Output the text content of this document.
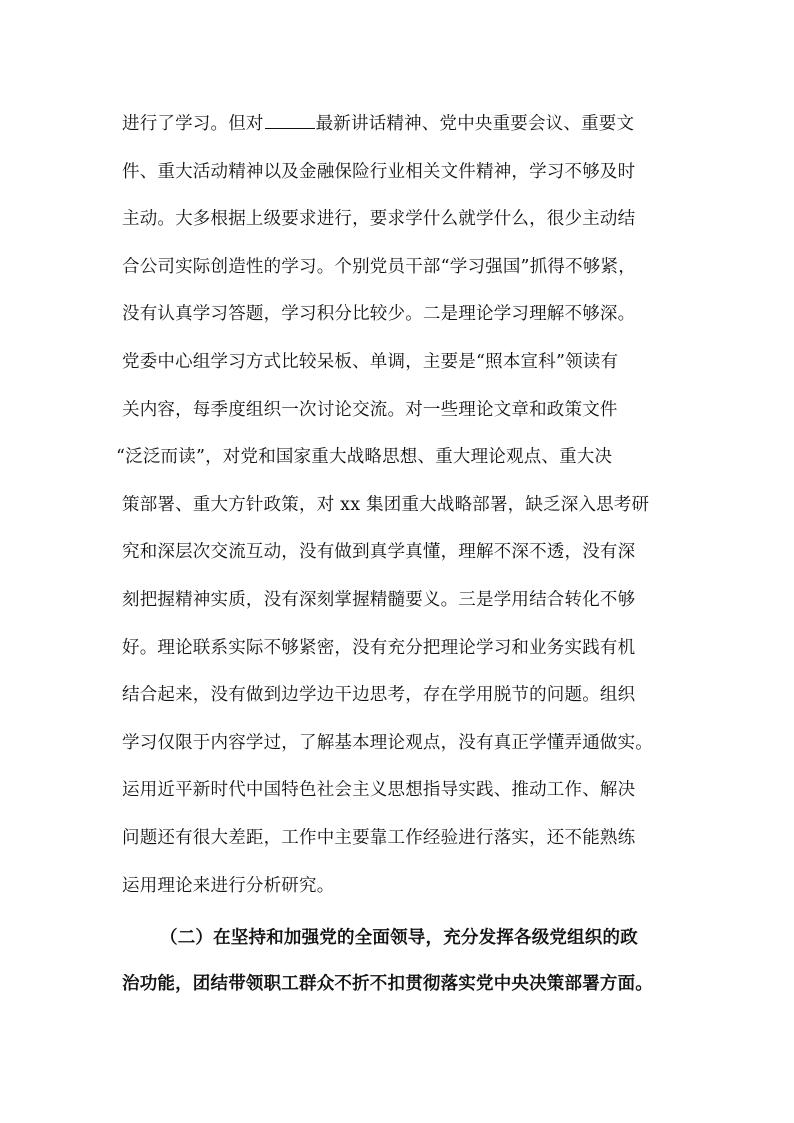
进行了学习。但对	最新讲话精神、党中央重要会议、重要文
件、重大活动精神以及金融保险行业相关文件精神，学习不够及时
主动。大多根据上级要求进行，要求学什么就学什么，很少主动结
合公司实际创造性的学习。个别党员干部“学习强国”抓得不够紧，
没有认真学习答题，学习积分比较少。二是理论学习理解不够深。
党委中心组学习方式比较呆板、单调，主要是“照本宣科”领读有
关内容，每季度组织一次讨论交流。对一些理论文章和政策文件
“泛泛而读”，对党和国家重大战略思想、重大理论观点、重大决
策部署、重大方针政策，对 xx 集团重大战略部署，缺乏深入思考研
究和深层次交流互动，没有做到真学真懂，理解不深不透，没有深
刻把握精神实质，没有深刻掌握精髓要义。三是学用结合转化不够
好。理论联系实际不够紧密，没有充分把理论学习和业务实践有机
结合起来，没有做到边学边干边思考，存在学用脱节的问题。组织
学习仅限于内容学过，了解基本理论观点，没有真正学懂弄通做实。
运用近平新时代中国特色社会主义思想指导实践、推动工作、解决
问题还有很大差距，工作中主要靠工作经验进行落实，还不能熟练
运用理论来进行分析研究。
（二）在坚持和加强党的全面领导，充分发挥各级党组织的政
治功能，团结带领职工群众不折不扣贯彻落实党中央决策部署方面。
